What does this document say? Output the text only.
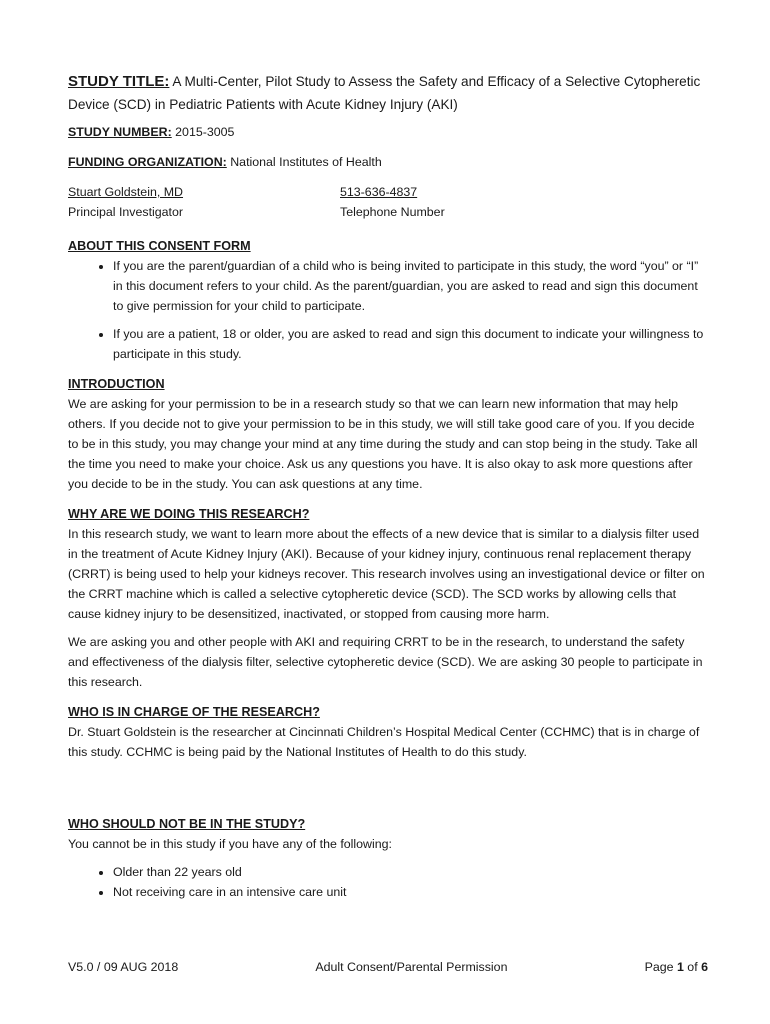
STUDY TITLE: A Multi-Center, Pilot Study to Assess the Safety and Efficacy of a Selective Cytopheretic Device (SCD) in Pediatric Patients with Acute Kidney Injury (AKI)
STUDY NUMBER: 2015-3005
FUNDING ORGANIZATION: National Institutes of Health
Stuart Goldstein, MD
Principal Investigator
513-636-4837
Telephone Number
ABOUT THIS CONSENT FORM
• If you are the parent/guardian of a child who is being invited to participate in this study, the word “you” or “I” in this document refers to your child. As the parent/guardian, you are asked to read and sign this document to give permission for your child to participate.
• If you are a patient, 18 or older, you are asked to read and sign this document to indicate your willingness to participate in this study.
INTRODUCTION

We are asking for your permission to be in a research study so that we can learn new information that may help others. If you decide not to give your permission to be in this study, we will still take good care of you. If you decide to be in this study, you may change your mind at any time during the study and can stop being in the study. Take all the time you need to make your choice. Ask us any questions you have. It is also okay to ask more questions after you decide to be in the study. You can ask questions at any time.

WHY ARE WE DOING THIS RESEARCH?

In this research study, we want to learn more about the effects of a new device that is similar to a dialysis filter used in the treatment of Acute Kidney Injury (AKI). Because of your kidney injury, continuous renal replacement therapy (CRRT) is being used to help your kidneys recover. This research involves using an investigational device or filter on the CRRT machine which is called a selective cytopheretic device (SCD). The SCD works by allowing cells that cause kidney injury to be desensitized, inactivated, or stopped from causing more harm.

We are asking you and other people with AKI and requiring CRRT to be in the research, to understand the safety and effectiveness of the dialysis filter, selective cytopheretic device (SCD). We are asking 30 people to participate in this research.

WHO IS IN CHARGE OF THE RESEARCH?

Dr. Stuart Goldstein is the researcher at Cincinnati Children’s Hospital Medical Center (CCHMC) that is in charge of this study. CCHMC is being paid by the National Institutes of Health to do this study.

WHO SHOULD NOT BE IN THE STUDY?

You cannot be in this study if you have any of the following:

• Older than 22 years old
• Not receiving care in an intensive care unit
V5.0 / 09 AUG 2018	Adult Consent/Parental Permission	Page 1 of 6
